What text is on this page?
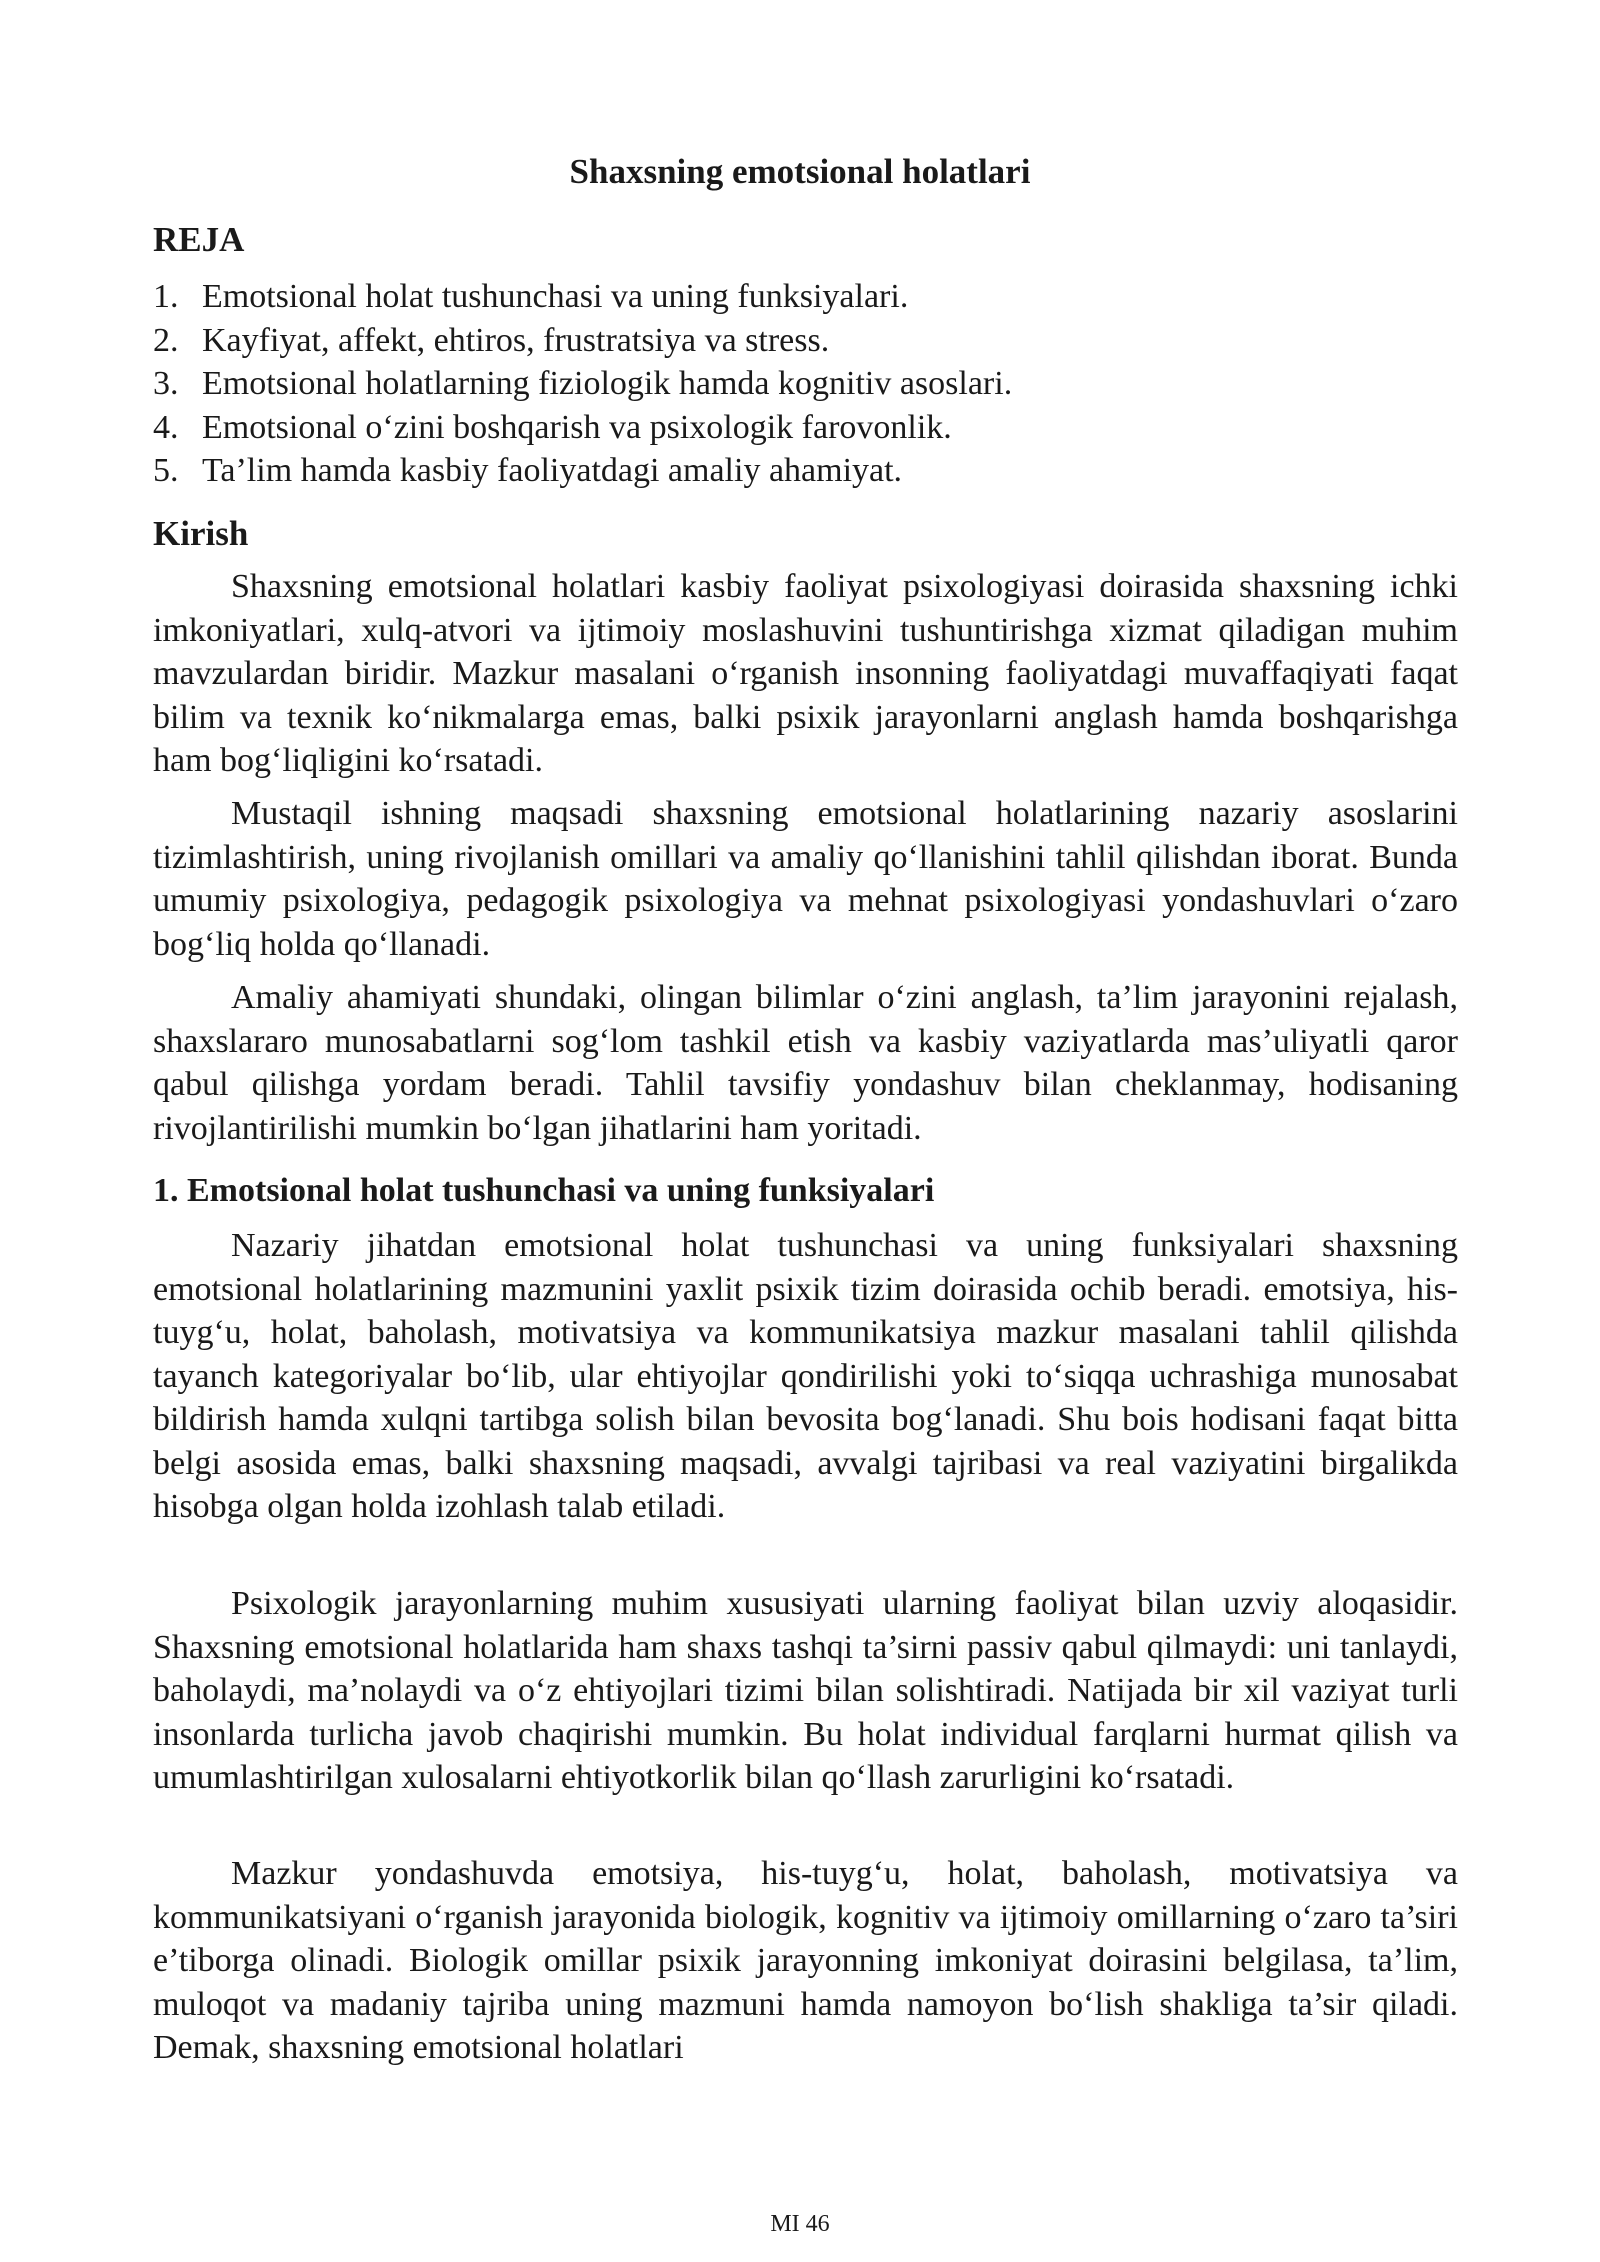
Shaxsning emotsional holatlari
REJA
1. Emotsional holat tushunchasi va uning funksiyalari.
2. Kayfiyat, affekt, ehtiros, frustratsiya va stress.
3. Emotsional holatlarning fiziologik hamda kognitiv asoslari.
4. Emotsional o‘zini boshqarish va psixologik farovonlik.
5. Ta’lim hamda kasbiy faoliyatdagi amaliy ahamiyat.
Kirish

Shaxsning emotsional holatlari kasbiy faoliyat psixologiyasi doirasida shaxsning ichki imkoniyatlari, xulq-atvori va ijtimoiy moslashuvini tushuntirishga xizmat qiladigan muhim mavzulardan biridir. Mazkur masalani o‘rganish insonning faoliyatdagi muvaffaqiyati faqat bilim va texnik ko‘nikmalarga emas, balki psixik jarayonlarni anglash hamda boshqarishga ham bog‘liqligini ko‘rsatadi.

Mustaqil ishning maqsadi shaxsning emotsional holatlarining nazariy asoslarini tizimlashtirish, uning rivojlanish omillari va amaliy qo‘llanishini tahlil qilishdan iborat. Bunda umumiy psixologiya, pedagogik psixologiya va mehnat psixologiyasi yondashuvlari o‘zaro bog‘liq holda qo‘llanadi.

Amaliy ahamiyati shundaki, olingan bilimlar o‘zini anglash, ta’lim jarayonini rejalash, shaxslararo munosabatlarni sog‘lom tashkil etish va kasbiy vaziyatlarda mas’uliyatli qaror qabul qilishga yordam beradi. Tahlil tavsifiy yondashuv bilan cheklanmay, hodisaning rivojlantirilishi mumkin bo‘lgan jihatlarini ham yoritadi.

1. Emotsional holat tushunchasi va uning funksiyalari

Nazariy jihatdan emotsional holat tushunchasi va uning funksiyalari shaxsning emotsional holatlarining mazmunini yaxlit psixik tizim doirasida ochib beradi. emotsiya, his-tuyg‘u, holat, baholash, motivatsiya va kommunikatsiya mazkur masalani tahlil qilishda tayanch kategoriyalar bo‘lib, ular ehtiyojlar qondirilishi yoki to‘siqqa uchrashiga munosabat bildirish hamda xulqni tartibga solish bilan bevosita bog‘lanadi. Shu bois hodisani faqat bitta belgi asosida emas, balki shaxsning maqsadi, avvalgi tajribasi va real vaziyatini birgalikda hisobga olgan holda izohlash talab etiladi.

Psixologik jarayonlarning muhim xususiyati ularning faoliyat bilan uzviy aloqasidir. Shaxsning emotsional holatlarida ham shaxs tashqi ta’sirni passiv qabul qilmaydi: uni tanlaydi, baholaydi, ma’nolaydi va o‘z ehtiyojlari tizimi bilan solishtiradi. Natijada bir xil vaziyat turli insonlarda turlicha javob chaqirishi mumkin. Bu holat individual farqlarni hurmat qilish va umumlashtirilgan xulosalarni ehtiyotkorlik bilan qo‘llash zarurligini ko‘rsatadi.

Mazkur yondashuvda emotsiya, his-tuyg‘u, holat, baholash, motivatsiya va kommunikatsiyani o‘rganish jarayonida biologik, kognitiv va ijtimoiy omillarning o‘zaro ta’siri e’tiborga olinadi. Biologik omillar psixik jarayonning imkoniyat doirasini belgilasa, ta’lim, muloqot va madaniy tajriba uning mazmuni hamda namoyon bo‘lish shakliga ta’sir qiladi. Demak, shaxsning emotsional holatlari

MI 46
